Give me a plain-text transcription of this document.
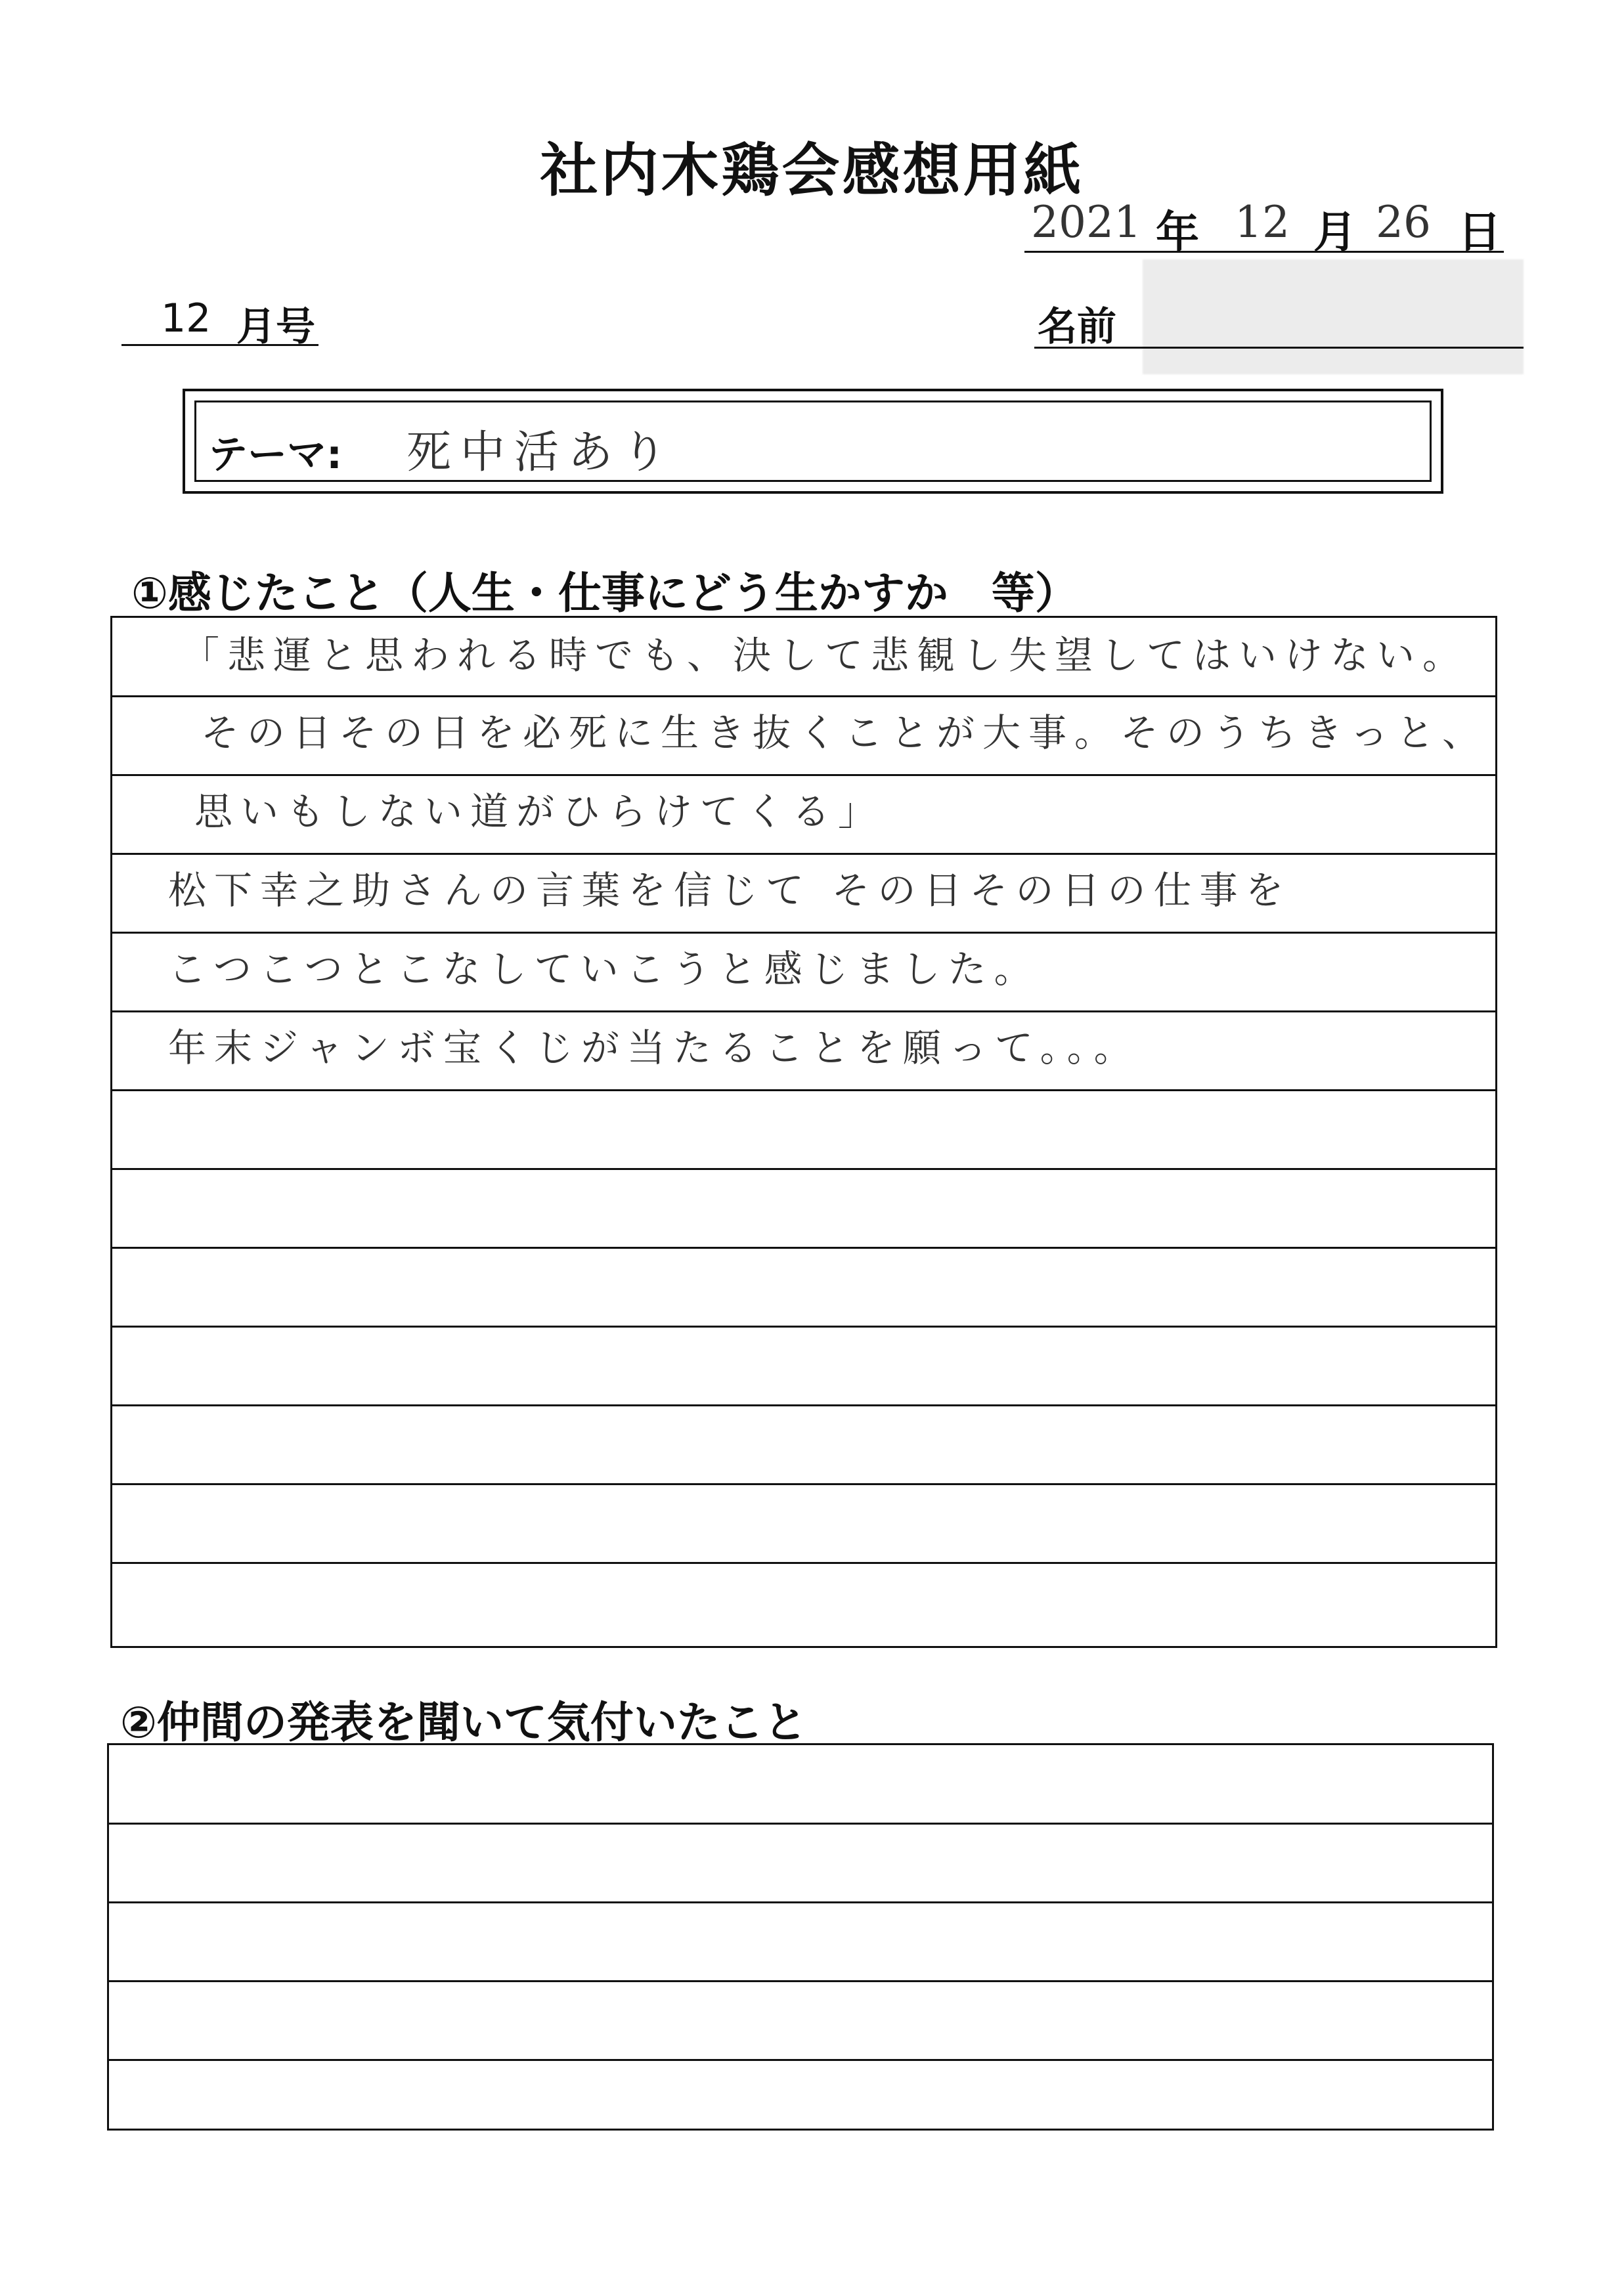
社内木鶏会感想用紙
2021 年 12 月 26 日
12 月号	名前
テーマ: 死中活あり
①感じたこと（人生・仕事にどう生かすか　等）
「悲運と思われる時でも、決して悲観し失望してはいけない。
その日その日を必死に生き抜くことが大事。そのうちきっと、
思いもしない道がひらけてくる」
松下幸之助さんの言葉を信じて その日その日の仕事を
こつこつとこなしていこうと感じました。
年末ジャンボ宝くじが当たることを願って。。。
②仲間の発表を聞いて気付いたこと
